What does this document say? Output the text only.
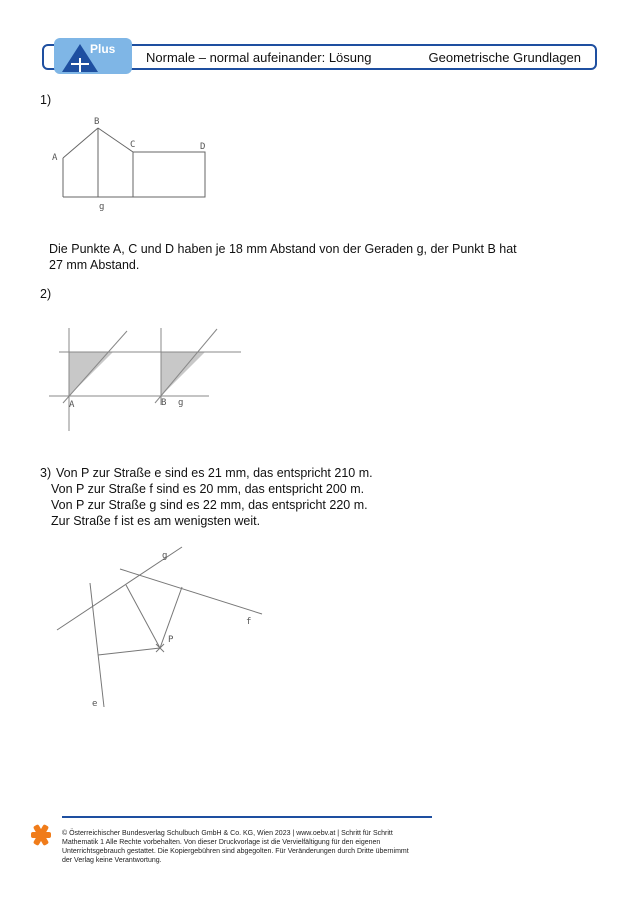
Normale – normal aufeinander: Lösung	Geometrische Grundlagen
Plus
1)
A
B
C	D
g
Die Punkte A, C und D haben je 18 mm Abstand von der Geraden g, der Punkt B hat
27 mm Abstand.
2)
A	B g
3) Von P zur Straße e sind es 21 mm, das entspricht 210 m.
Von P zur Straße f sind es 20 mm, das entspricht 200 m.
Von P zur Straße g sind es 22 mm, das entspricht 220 m.
Zur Straße f ist es am wenigsten weit.
g
f
P
e
© Österreichischer Bundesverlag Schulbuch GmbH & Co. KG, Wien 2023 | www.oebv.at | Schritt für Schritt
Mathematik 1 Alle Rechte vorbehalten. Von dieser Druckvorlage ist die Vervielfältigung für den eigenen
Unterrichtsgebrauch gestattet. Die Kopiergebühren sind abgegolten. Für Veränderungen durch Dritte übernimmt
der Verlag keine Verantwortung.
